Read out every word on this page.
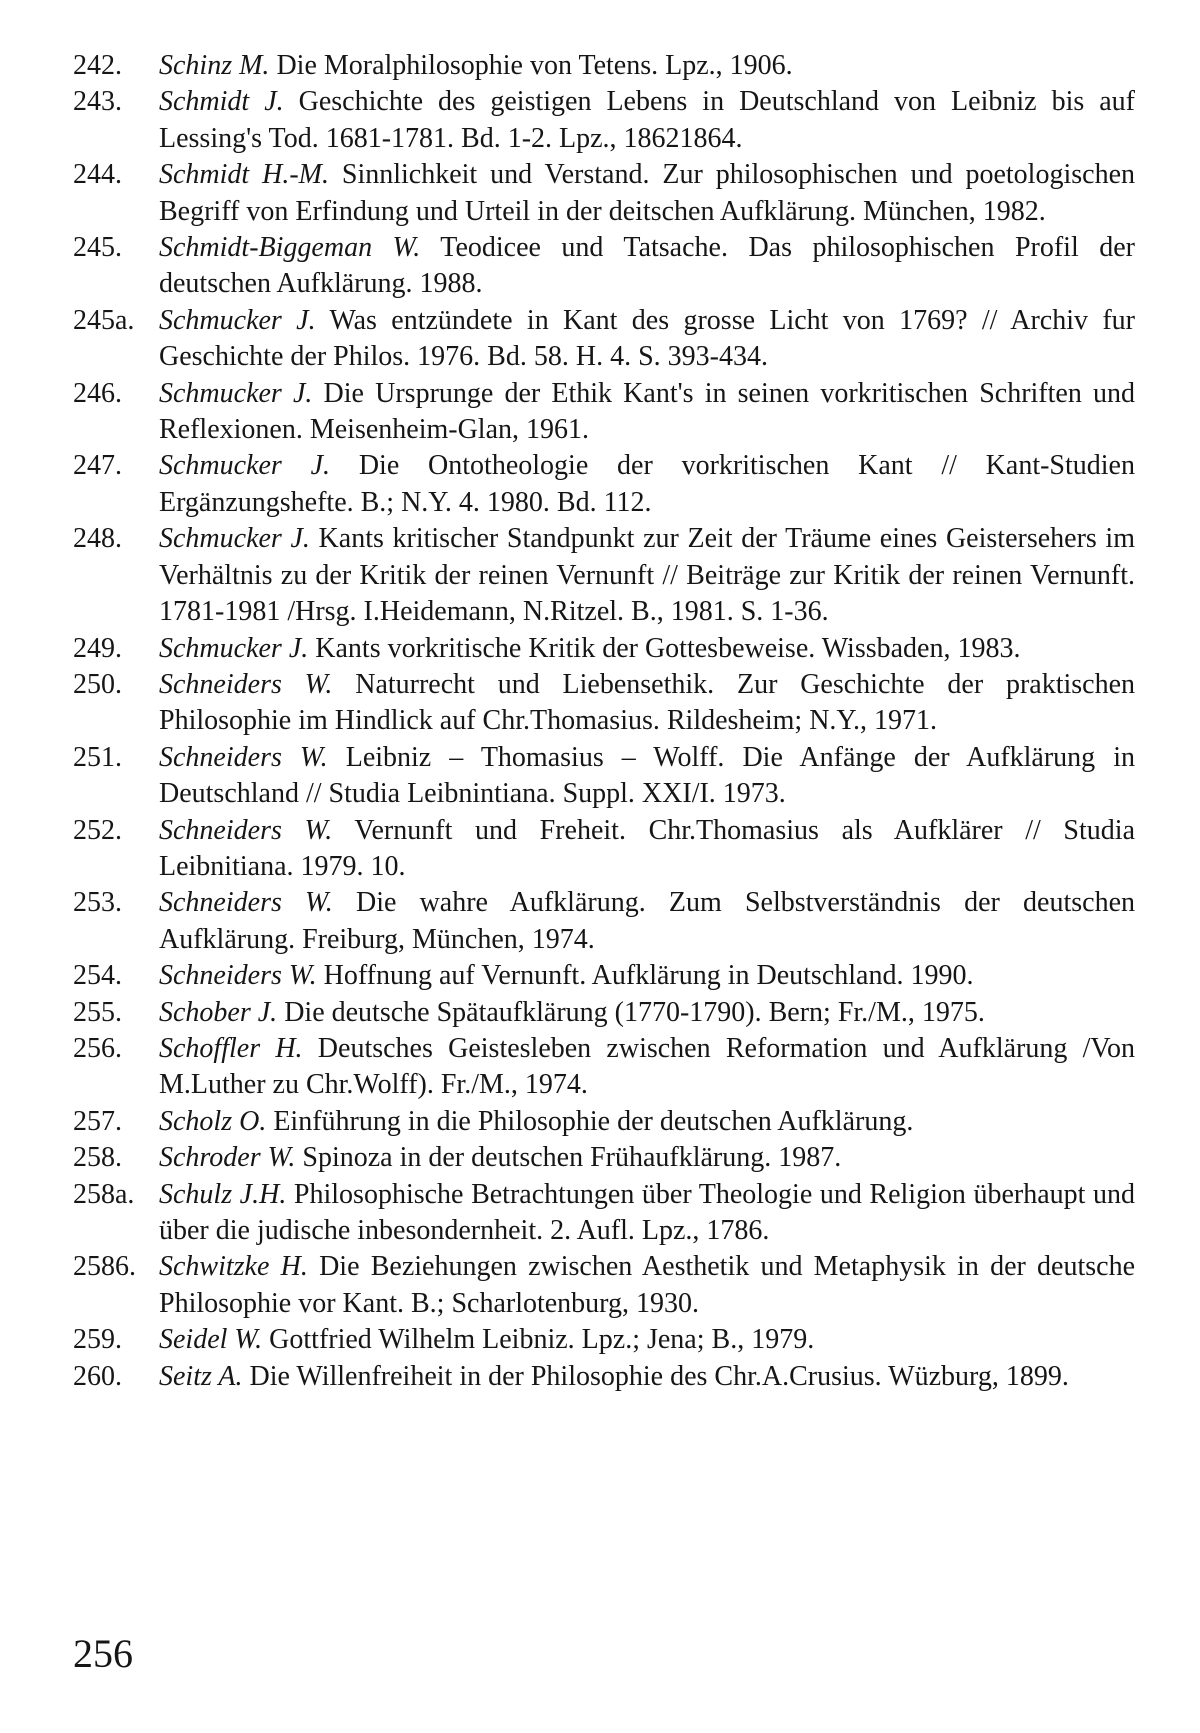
242.	Schinz M. Die Moralphilosophie von Tetens. Lpz., 1906.
243.	Schmidt J. Geschichte des geistigen Lebens in Deutschland von Leibniz bis auf Lessing's Tod. 1681-1781. Bd. 1-2. Lpz., 18621864.
244.	Schmidt H.-M. Sinnlichkeit und Verstand. Zur philosophischen und poetologischen Begriff von Erfindung und Urteil in der deitschen Aufklärung. München, 1982.
245.	Schmidt-Biggeman W. Teodicee und Tatsache. Das philosophischen Profil der deutschen Aufklärung. 1988.
245a. Schmucker J. Was entzündete in Kant des grosse Licht von 1769? // Archiv fur Geschichte der Philos. 1976. Bd. 58. H. 4. S. 393-434.
246.	Schmucker J. Die Ursprunge der Ethik Kant's in seinen vorkritischen Schriften und Reflexionen. Meisenheim-Glan, 1961.
247.	Schmucker J. Die Ontotheologie der vorkritischen Kant // Kant-Studien Ergänzungshefte. B.; N.Y. 4. 1980. Bd. 112.
248.	Schmucker J. Kants kritischer Standpunkt zur Zeit der Träume eines Geistersehers im Verhältnis zu der Kritik der reinen Vernunft // Beiträge zur Kritik der reinen Vernunft. 1781-1981 /Hrsg. I.Heidemann, N.Ritzel. B., 1981. S. 1-36.
249.	Schmucker J. Kants vorkritische Kritik der Gottesbeweise. Wissbaden, 1983.
250.	Schneiders W. Naturrecht und Liebensethik. Zur Geschichte der praktischen Philosophie im Hindlick auf Chr.Thomasius. Rildesheim; N.Y., 1971.
251.	Schneiders W. Leibniz – Thomasius – Wolff. Die Anfänge der Aufklärung in Deutschland // Studia Leibnintiana. Suppl. XXI/I. 1973.
252.	Schneiders W. Vernunft und Freheit. Chr.Thomasius als Aufklärer // Studia Leibnitiana. 1979. 10.
253.	Schneiders W. Die wahre Aufklärung. Zum Selbstverständnis der deutschen Aufklärung. Freiburg, München, 1974.
254.	Schneiders W. Hoffnung auf Vernunft. Aufklärung in Deutschland. 1990.
255.	Schober J. Die deutsche Spätaufklärung (1770-1790). Bern; Fr./M., 1975.
256.	Schoffler H. Deutsches Geistesleben zwischen Reformation und Aufklärung /Von M.Luther zu Chr.Wolff). Fr./M., 1974.
257.	Scholz O. Einführung in die Philosophie der deutschen Aufklärung.
258.	Schroder W. Spinoza in der deutschen Frühaufklärung. 1987.
258a. Schulz J.H. Philosophische Betrachtungen über Theologie und Religion überhaupt und über die judische inbesondernheit. 2. Aufl. Lpz., 1786.
2586. Schwitzke H. Die Beziehungen zwischen Aesthetik und Metaphysik in der deutsche Philosophie vor Kant. B.; Scharlotenburg, 1930.
259.	Seidel W. Gottfried Wilhelm Leibniz. Lpz.; Jena; B., 1979.
260.	Seitz A. Die Willenfreiheit in der Philosophie des Chr.A.Crusius. Wüzburg, 1899.
256
